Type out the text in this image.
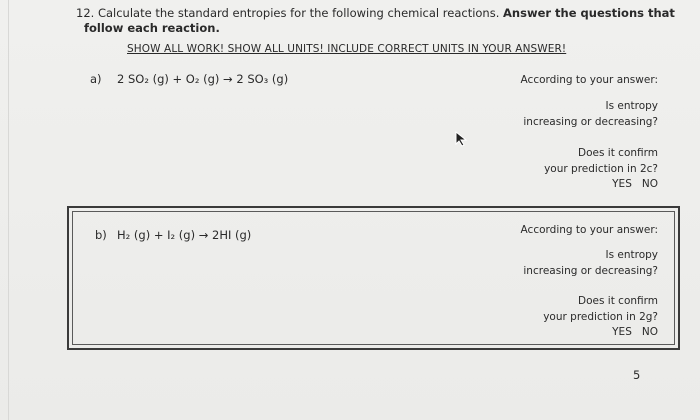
12. Calculate the standard entropies for the following chemical reactions. Answer the questions that
follow each reaction.
SHOW ALL WORK! SHOW ALL UNITS! INCLUDE CORRECT UNITS IN YOUR ANSWER!
a) 2 SO₂ (g) + O₂ (g) → 2 SO₃ (g)	According to your answer:
Is entropy
increasing or decreasing?
Does it confirm
your prediction in 2c?
YES   NO
b) H₂ (g) + I₂ (g) → 2HI (g)	According to your answer:
Is entropy
increasing or decreasing?
Does it confirm
your prediction in 2g?
YES   NO
5
